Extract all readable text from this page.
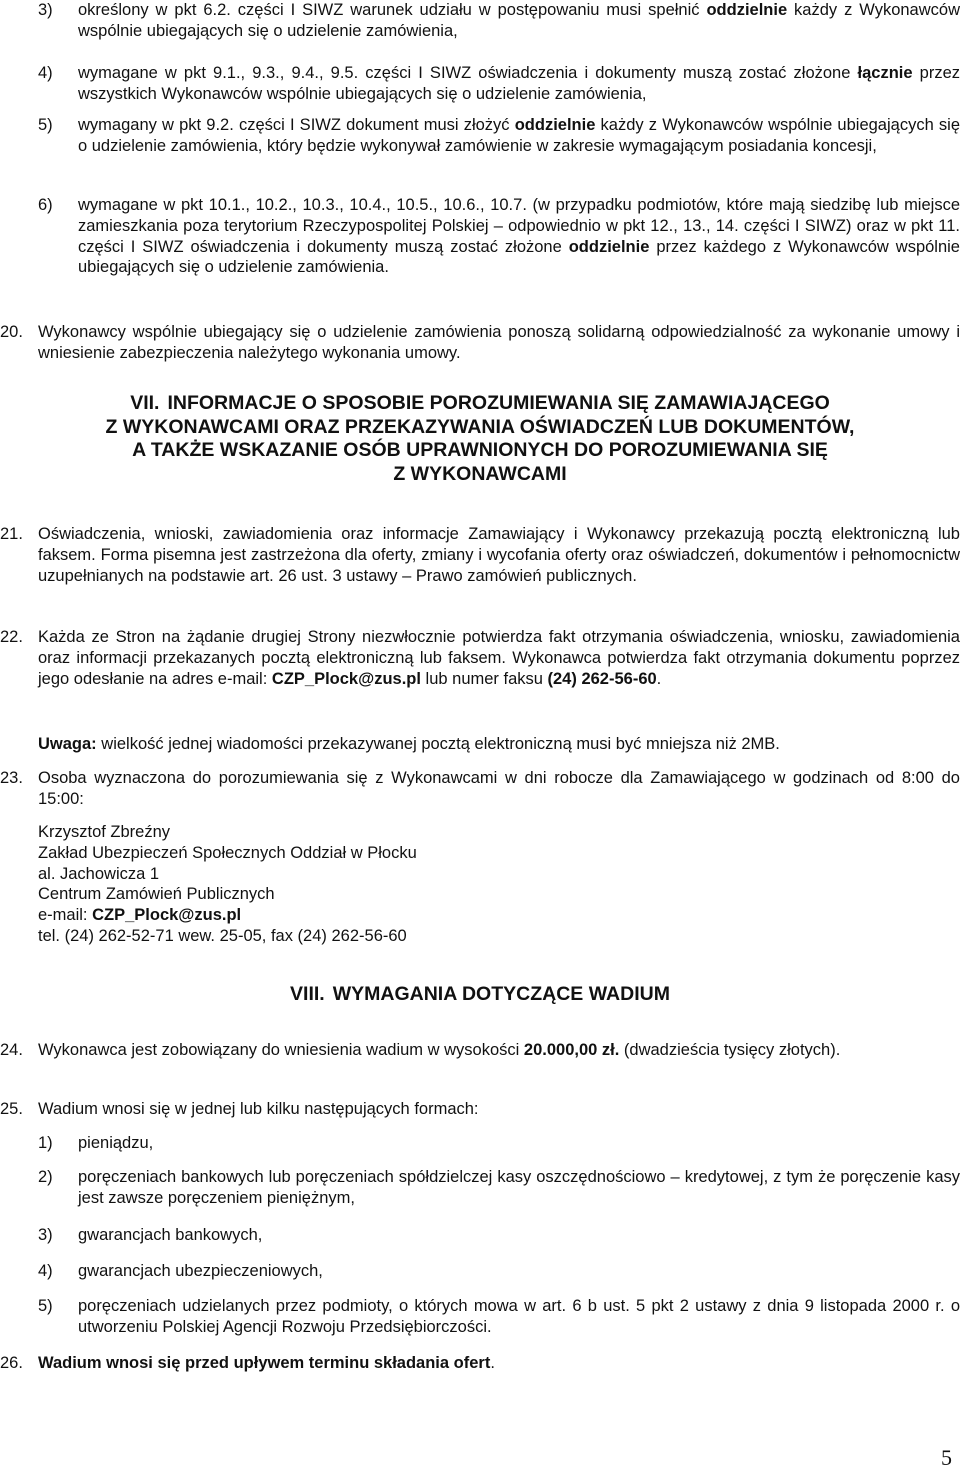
3) określony w pkt 6.2. części I SIWZ warunek udziału w postępowaniu musi spełnić oddzielnie każdy z Wykonawców wspólnie ubiegających się o udzielenie zamówienia,

4) wymagane w pkt 9.1., 9.3., 9.4., 9.5. części I SIWZ oświadczenia i dokumenty muszą zostać złożone łącznie przez wszystkich Wykonawców wspólnie ubiegających się o udzielenie zamówienia,

5) wymagany w pkt 9.2. części I SIWZ dokument musi złożyć oddzielnie każdy z Wykonawców wspólnie ubiegających się o udzielenie zamówienia, który będzie wykonywał zamówienie w zakresie wymagającym posiadania koncesji,

6) wymagane w pkt 10.1., 10.2., 10.3., 10.4., 10.5., 10.6., 10.7. (w przypadku podmiotów, które mają siedzibę lub miejsce zamieszkania poza terytorium Rzeczypospolitej Polskiej – odpowiednio w pkt 12., 13., 14. części I SIWZ) oraz w pkt 11. części I SIWZ oświadczenia i dokumenty muszą zostać złożone oddzielnie przez każdego z Wykonawców wspólnie ubiegających się o udzielenie zamówienia.

20. Wykonawcy wspólnie ubiegający się o udzielenie zamówienia ponoszą solidarną odpowiedzialność za wykonanie umowy i wniesienie zabezpieczenia należytego wykonania umowy.

VII. INFORMACJE O SPOSOBIE POROZUMIEWANIA SIĘ ZAMAWIAJĄCEGO
Z WYKONAWCAMI ORAZ PRZEKAZYWANIA OŚWIADCZEŃ LUB DOKUMENTÓW,
A TAKŻE WSKAZANIE OSÓB UPRAWNIONYCH DO POROZUMIEWANIA SIĘ
Z WYKONAWCAMI
21. Oświadczenia, wnioski, zawiadomienia oraz informacje Zamawiający i Wykonawcy przekazują pocztą elektroniczną lub faksem. Forma pisemna jest zastrzeżona dla oferty, zmiany i wycofania oferty oraz oświadczeń, dokumentów i pełnomocnictw uzupełnianych na podstawie art. 26 ust. 3 ustawy – Prawo zamówień publicznych.

22. Każda ze Stron na żądanie drugiej Strony niezwłocznie potwierdza fakt otrzymania oświadczenia, wniosku, zawiadomienia oraz informacji przekazanych pocztą elektroniczną lub faksem. Wykonawca potwierdza fakt otrzymania dokumentu poprzez jego odesłanie na adres e-mail: CZP_Plock@zus.pl lub numer faksu (24) 262-56-60.

Uwaga: wielkość jednej wiadomości przekazywanej pocztą elektroniczną musi być mniejsza niż 2MB.

23. Osoba wyznaczona do porozumiewania się z Wykonawcami w dni robocze dla Zamawiającego w godzinach od 8:00 do 15:00:

Krzysztof Zbreźny
Zakład Ubezpieczeń Społecznych Oddział w Płocku
al. Jachowicza 1
Centrum Zamówień Publicznych
e-mail: CZP_Plock@zus.pl
tel. (24) 262-52-71 wew. 25-05, fax (24) 262-56-60
VIII. WYMAGANIA DOTYCZĄCE WADIUM
24. Wykonawca jest zobowiązany do wniesienia wadium w wysokości 20.000,00 zł. (dwadzieścia tysięcy złotych).

25. Wadium wnosi się w jednej lub kilku następujących formach:

1) pieniądzu,

2) poręczeniach bankowych lub poręczeniach spółdzielczej kasy oszczędnościowo – kredytowej, z tym że poręczenie kasy jest zawsze poręczeniem pieniężnym,

3) gwarancjach bankowych,

4) gwarancjach ubezpieczeniowych,

5) poręczeniach udzielanych przez podmioty, o których mowa w art. 6 b ust. 5 pkt 2 ustawy z dnia 9 listopada 2000 r. o utworzeniu Polskiej Agencji Rozwoju Przedsiębiorczości.

26. Wadium wnosi się przed upływem terminu składania ofert.

5
